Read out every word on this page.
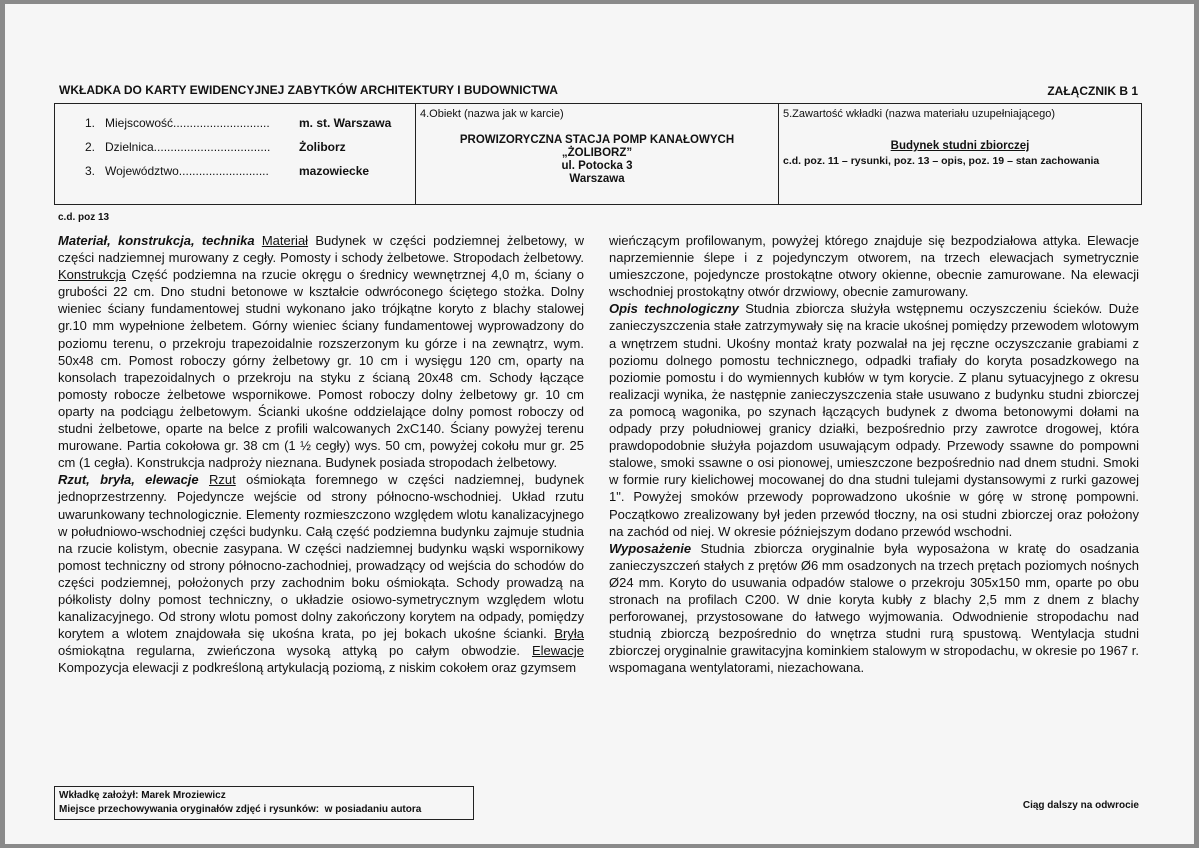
WKŁADKA DO KARTY EWIDENCYJNEJ ZABYTKÓW ARCHITEKTURY I BUDOWNICTWA	ZAŁĄCZNIK B 1
1. Miejscowość............................. m. st. Warszawa
2. Dzielnica................................... Żoliborz
3. Województwo...........................	mazowiecke

4.Obiekt (nazwa jak w karcie)
PROWIZORYCZNA STACJA POMP KANAŁOWYCH
„ŻOLIBORZ”
ul. Potocka 3
Warszawa

5.Zawartość wkładki (nazwa materiału uzupełniającego)
Budynek studni zbiorczej
c.d. poz. 11 – rysunki, poz. 13 – opis, poz. 19 – stan zachowania
c.d. poz 13

Materiał, konstrukcja, technika Materiał Budynek w części podziemnej żelbetowy, w części nadziemnej murowany z cegły. Pomosty i schody żelbetowe. Stropodach żelbetowy. Konstrukcja Część podziemna na rzucie okręgu o średnicy wewnętrznej 4,0 m, ściany o grubości 22 cm. Dno studni betonowe w kształcie odwróconego ściętego stożka. Dolny wieniec ściany fundamentowej studni wykonano jako trójkątne koryto z blachy stalowej gr.10 mm wypełnione żelbetem. Górny wieniec ściany fundamentowej wyprowadzony do poziomu terenu, o przekroju trapezoidalnie rozszerzonym ku górze i na zewnątrz, wym. 50x48 cm. Pomost roboczy górny żelbetowy gr. 10 cm i wysięgu 120 cm, oparty na konsolach trapezoidalnych o przekroju na styku z ścianą 20x48 cm. Schody łączące pomosty robocze żelbetowe wspornikowe. Pomost roboczy dolny żelbetowy gr. 10 cm oparty na podciągu żelbetowym. Ścianki ukośne oddzielające dolny pomost roboczy od studni żelbetowe, oparte na belce z profili walcowanych 2xC140. Ściany powyżej terenu murowane. Partia cokołowa gr. 38 cm (1 ½ cegły) wys. 50 cm, powyżej cokołu mur gr. 25 cm (1 cegła). Konstrukcja nadproży nieznana. Budynek posiada stropodach żelbetowy.

Rzut, bryła, elewacje Rzut ośmiokąta foremnego w części nadziemnej, budynek jednoprzestrzenny. Pojedyncze wejście od strony północno-wschodniej. Układ rzutu uwarunkowany technologicznie. Elementy rozmieszczono względem wlotu kanalizacyjnego w południowo-wschodniej części budynku. Całą część podziemna budynku zajmuje studnia na rzucie kolistym, obecnie zasypana. W części nadziemnej budynku wąski wspornikowy pomost techniczny od strony północno-zachodniej, prowadzący od wejścia do schodów do części podziemnej, położonych przy zachodnim boku ośmiokąta. Schody prowadzą na półkolisty dolny pomost techniczny, o układzie osiowo-symetrycznym względem wlotu kanalizacyjnego. Od strony wlotu pomost dolny zakończony korytem na odpady, pomiędzy korytem a wlotem znajdowała się ukośna krata, po jej bokach ukośne ścianki. Bryła ośmiokątna regularna, zwieńczona wysoką attyką po całym obwodzie. Elewacje Kompozycja elewacji z podkreśloną artykulacją poziomą, z niskim cokołem oraz gzymsem

wieńczącym profilowanym, powyżej którego znajduje się bezpodziałowa attyka. Elewacje naprzemiennie ślepe i z pojedynczym otworem, na trzech elewacjach symetrycznie umieszczone, pojedyncze prostokątne otwory okienne, obecnie zamurowane. Na elewacji wschodniej prostokątny otwór drzwiowy, obecnie zamurowany.

Opis technologiczny Studnia zbiorcza służyła wstępnemu oczyszczeniu ścieków. Duże zanieczyszczenia stałe zatrzymywały się na kracie ukośnej pomiędzy przewodem wlotowym a wnętrzem studni. Ukośny montaż kraty pozwalał na jej ręczne oczyszczanie grabiami z poziomu dolnego pomostu technicznego, odpadki trafiały do koryta posadzkowego na poziomie pomostu i do wymiennych kubłów w tym korycie. Z planu sytuacyjnego z okresu realizacji wynika, że następnie zanieczyszczenia stałe usuwano z budynku studni zbiorczej za pomocą wagonika, po szynach łączących budynek z dwoma betonowymi dołami na odpady przy południowej granicy działki, bezpośrednio przy zawrotce drogowej, która prawdopodobnie służyła pojazdom usuwającym odpady. Przewody ssawne do pompowni stalowe, smoki ssawne o osi pionowej, umieszczone bezpośrednio nad dnem studni. Smoki w formie rury kielichowej mocowanej do dna studni tulejami dystansowymi z rurki gazowej 1". Powyżej smoków przewody poprowadzono ukośnie w górę w stronę pompowni. Początkowo zrealizowany był jeden przewód tłoczny, na osi studni zbiorczej oraz położony na zachód od niej. W okresie późniejszym dodano przewód wschodni.

Wyposażenie Studnia zbiorcza oryginalnie była wyposażona w kratę do osadzania zanieczyszczeń stałych z prętów Ø6 mm osadzonych na trzech prętach poziomych nośnych Ø24 mm. Koryto do usuwania odpadów stalowe o przekroju 305x150 mm, oparte po obu stronach na profilach C200. W dnie koryta kubły z blachy 2,5 mm z dnem z blachy perforowanej, przystosowane do łatwego wyjmowania. Odwodnienie stropodachu nad studnią zbiorczą bezpośrednio do wnętrza studni rurą spustową. Wentylacja studni zbiorczej oryginalnie grawitacyjna kominkiem stalowym w stropodachu, w okresie po 1967 r. wspomagana wentylatorami, niezachowana.

Wkładkę założył: Marek Mroziewicz
Miejsce przechowywania oryginałów zdjęć i rysunków: w posiadaniu autora	Ciąg dalszy na odwrocie
